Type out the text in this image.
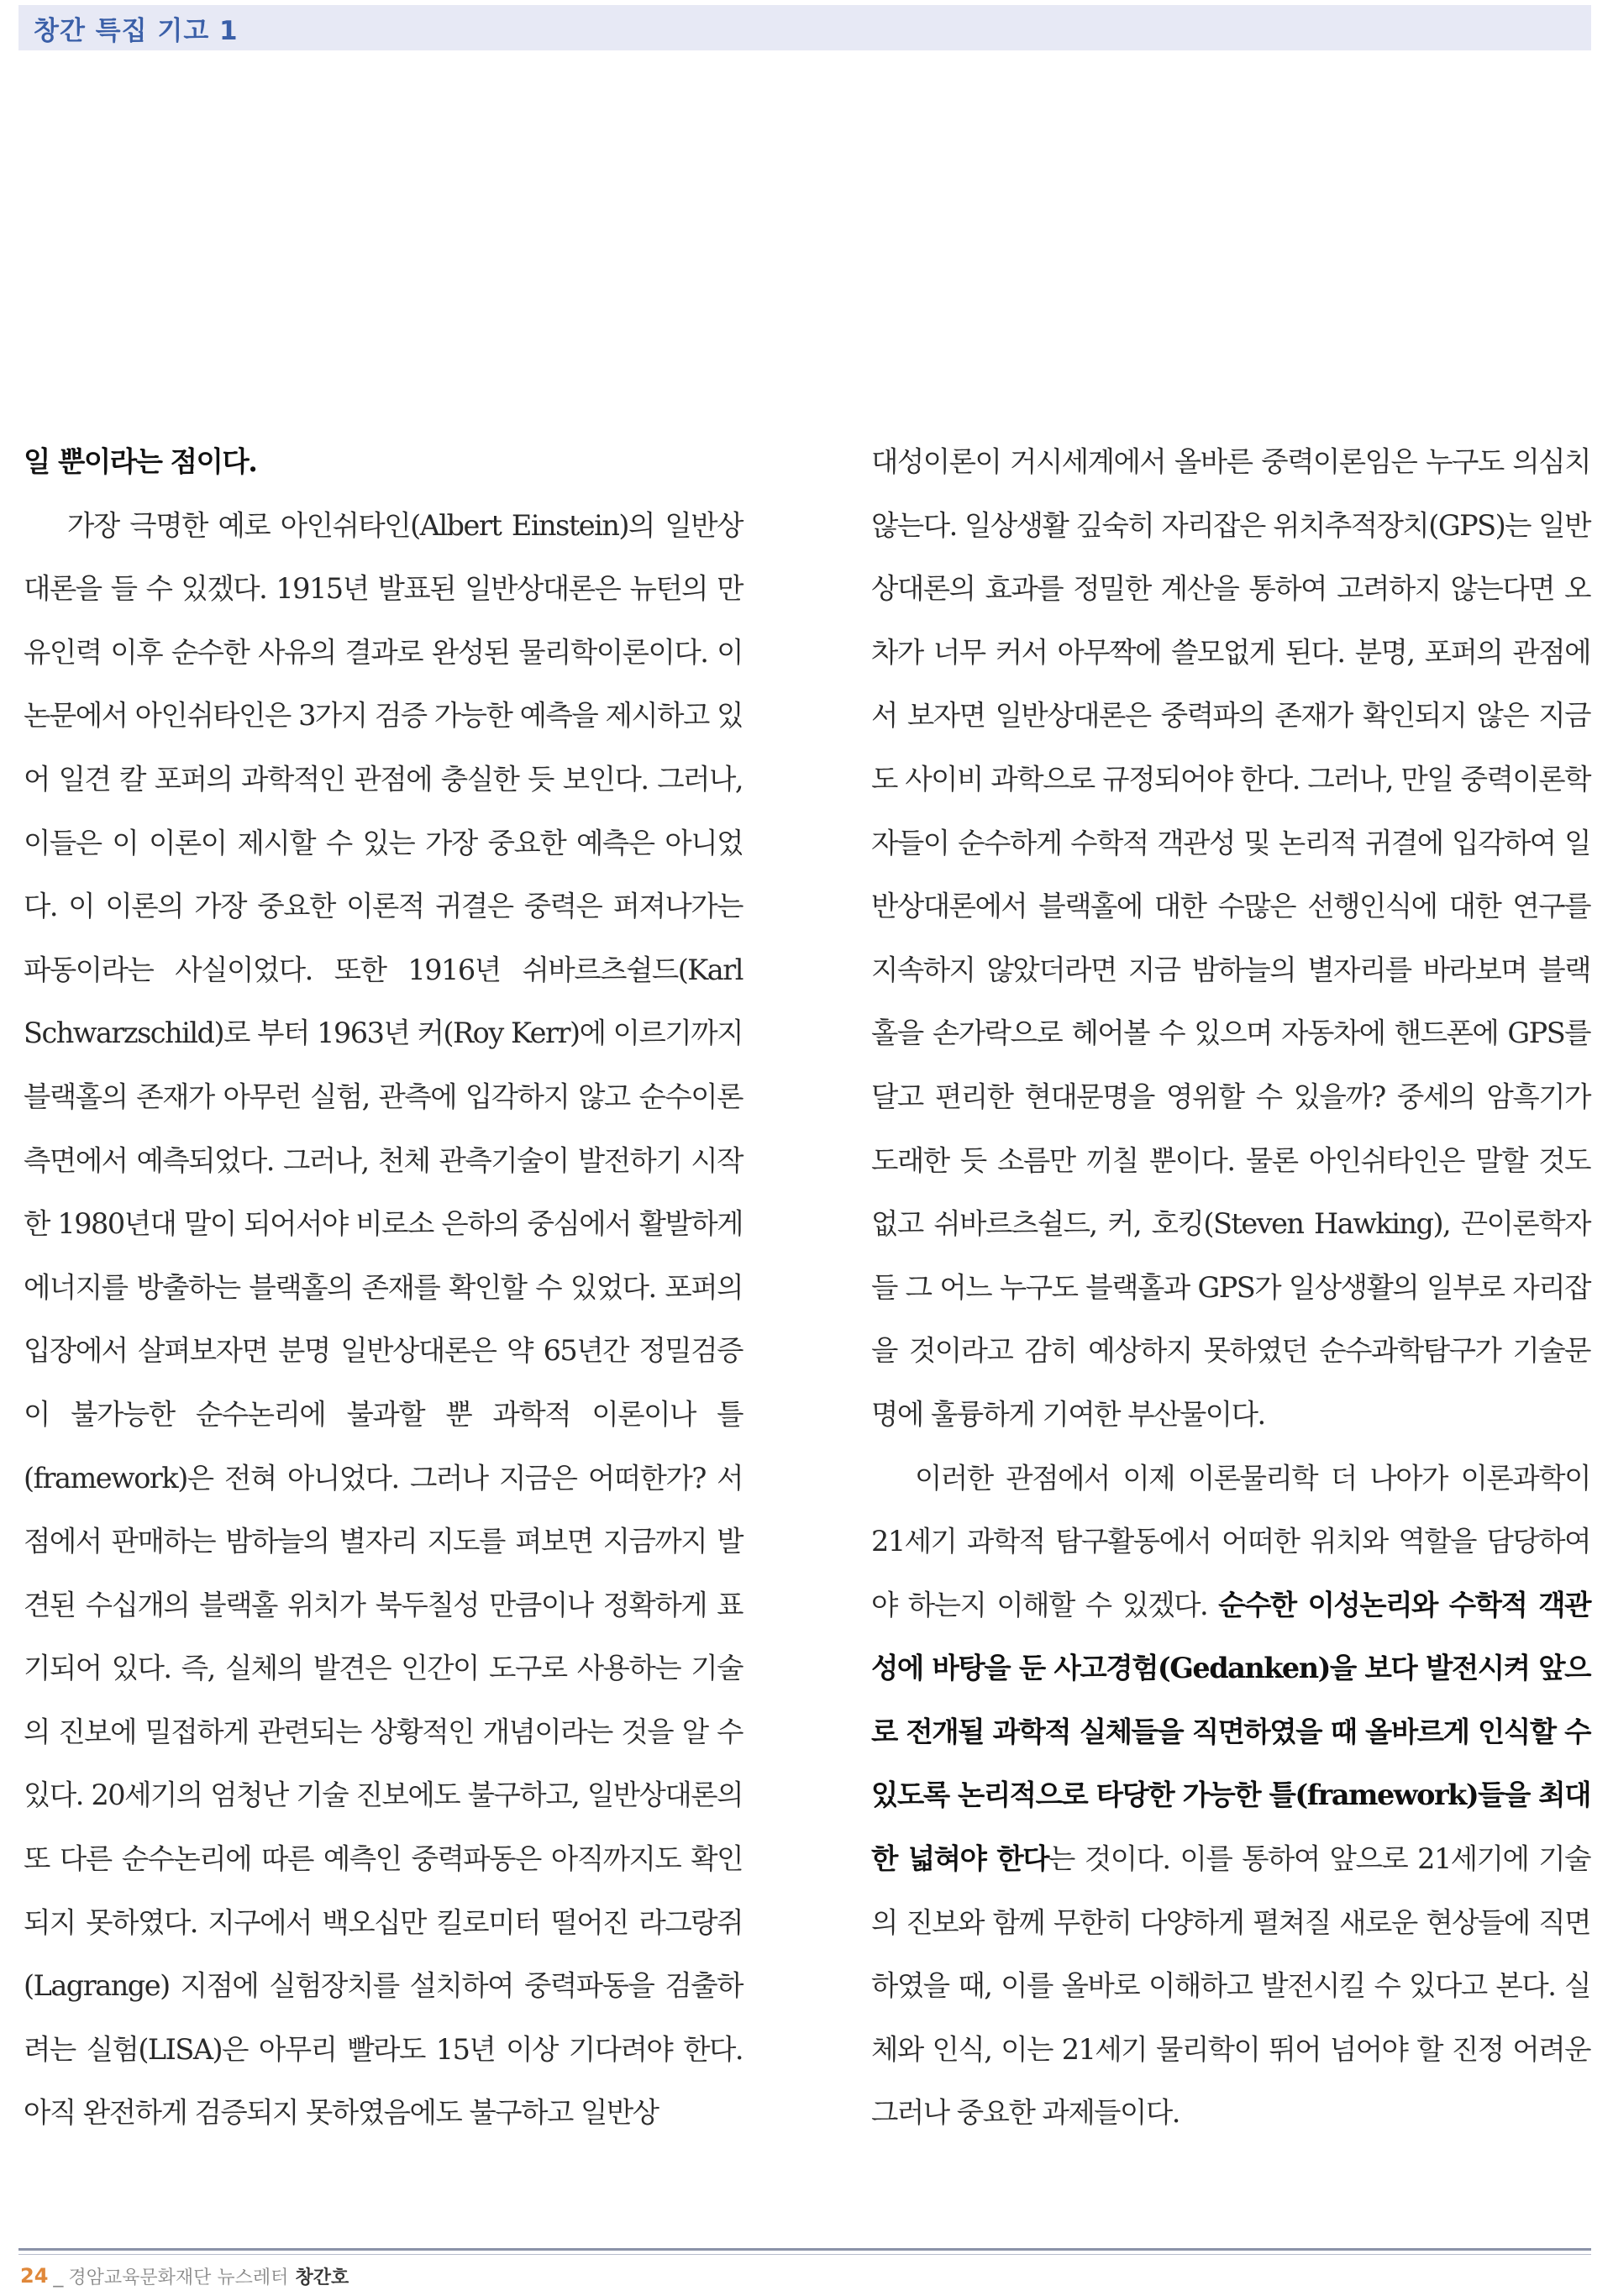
창간 특집 기고 1

일 뿐이라는 점이다.

가장 극명한 예로 아인쉬타인(Albert Einstein)의 일반상대론을 들 수 있겠다. 1915년 발표된 일반상대론은 뉴턴의 만유인력 이후 순수한 사유의 결과로 완성된 물리학이론이다. 이 논문에서 아인쉬타인은 3가지 검증 가능한 예측을 제시하고 있어 일견 칼 포퍼의 과학적인 관점에 충실한 듯 보인다. 그러나, 이들은 이 이론이 제시할 수 있는 가장 중요한 예측은 아니었다. 이 이론의 가장 중요한 이론적 귀결은 중력은 퍼져나가는 파동이라는 사실이었다. 또한 1916년 쉬바르츠쉴드(Karl Schwarzschild)로 부터 1963년 커(Roy Kerr)에 이르기까지 블랙홀의 존재가 아무런 실험, 관측에 입각하지 않고 순수이론 측면에서 예측되었다. 그러나, 천체 관측기술이 발전하기 시작한 1980년대 말이 되어서야 비로소 은하의 중심에서 활발하게 에너지를 방출하는 블랙홀의 존재를 확인할 수 있었다. 포퍼의 입장에서 살펴보자면 분명 일반상대론은 약 65년간 정밀검증이 불가능한 순수논리에 불과할 뿐 과학적 이론이나 틀(framework)은 전혀 아니었다. 그러나 지금은 어떠한가? 서점에서 판매하는 밤하늘의 별자리 지도를 펴보면 지금까지 발견된 수십개의 블랙홀 위치가 북두칠성 만큼이나 정확하게 표기되어 있다. 즉, 실체의 발견은 인간이 도구로 사용하는 기술의 진보에 밀접하게 관련되는 상황적인 개념이라는 것을 알 수 있다. 20세기의 엄청난 기술 진보에도 불구하고, 일반상대론의 또 다른 순수논리에 따른 예측인 중력파동은 아직까지도 확인되지 못하였다. 지구에서 백오십만 킬로미터 떨어진 라그랑쥐(Lagrange) 지점에 실험장치를 설치하여 중력파동을 검출하려는 실험(LISA)은 아무리 빨라도 15년 이상 기다려야 한다. 아직 완전하게 검증되지 못하였음에도 불구하고 일반상

대성이론이 거시세계에서 올바른 중력이론임은 누구도 의심치 않는다. 일상생활 깊숙히 자리잡은 위치추적장치(GPS)는 일반상대론의 효과를 정밀한 계산을 통하여 고려하지 않는다면 오차가 너무 커서 아무짝에 쓸모없게 된다. 분명, 포퍼의 관점에서 보자면 일반상대론은 중력파의 존재가 확인되지 않은 지금도 사이비 과학으로 규정되어야 한다. 그러나, 만일 중력이론학자들이 순수하게 수학적 객관성 및 논리적 귀결에 입각하여 일반상대론에서 블랙홀에 대한 수많은 선행인식에 대한 연구를 지속하지 않았더라면 지금 밤하늘의 별자리를 바라보며 블랙홀을 손가락으로 헤어볼 수 있으며 자동차에 핸드폰에 GPS를 달고 편리한 현대문명을 영위할 수 있을까? 중세의 암흑기가 도래한 듯 소름만 끼칠 뿐이다. 물론 아인쉬타인은 말할 것도 없고 쉬바르츠쉴드, 커, 호킹(Steven Hawking), 끈이론학자들 그 어느 누구도 블랙홀과 GPS가 일상생활의 일부로 자리잡을 것이라고 감히 예상하지 못하였던 순수과학탐구가 기술문명에 훌륭하게 기여한 부산물이다.

이러한 관점에서 이제 이론물리학 더 나아가 이론과학이 21세기 과학적 탐구활동에서 어떠한 위치와 역할을 담당하여야 하는지 이해할 수 있겠다. 순수한 이성논리와 수학적 객관성에 바탕을 둔 사고경험(Gedanken)을 보다 발전시켜 앞으로 전개될 과학적 실체들을 직면하였을 때 올바르게 인식할 수 있도록 논리적으로 타당한 가능한 틀(framework)들을 최대한 넓혀야 한다는 것이다. 이를 통하여 앞으로 21세기에 기술의 진보와 함께 무한히 다양하게 펼쳐질 새로운 현상들에 직면하였을 때, 이를 올바로 이해하고 발전시킬 수 있다고 본다. 실체와 인식, 이는 21세기 물리학이 뛰어 넘어야 할 진정 어려운 그러나 중요한 과제들이다.

24 _ 경암교육문화재단 뉴스레터 창간호
